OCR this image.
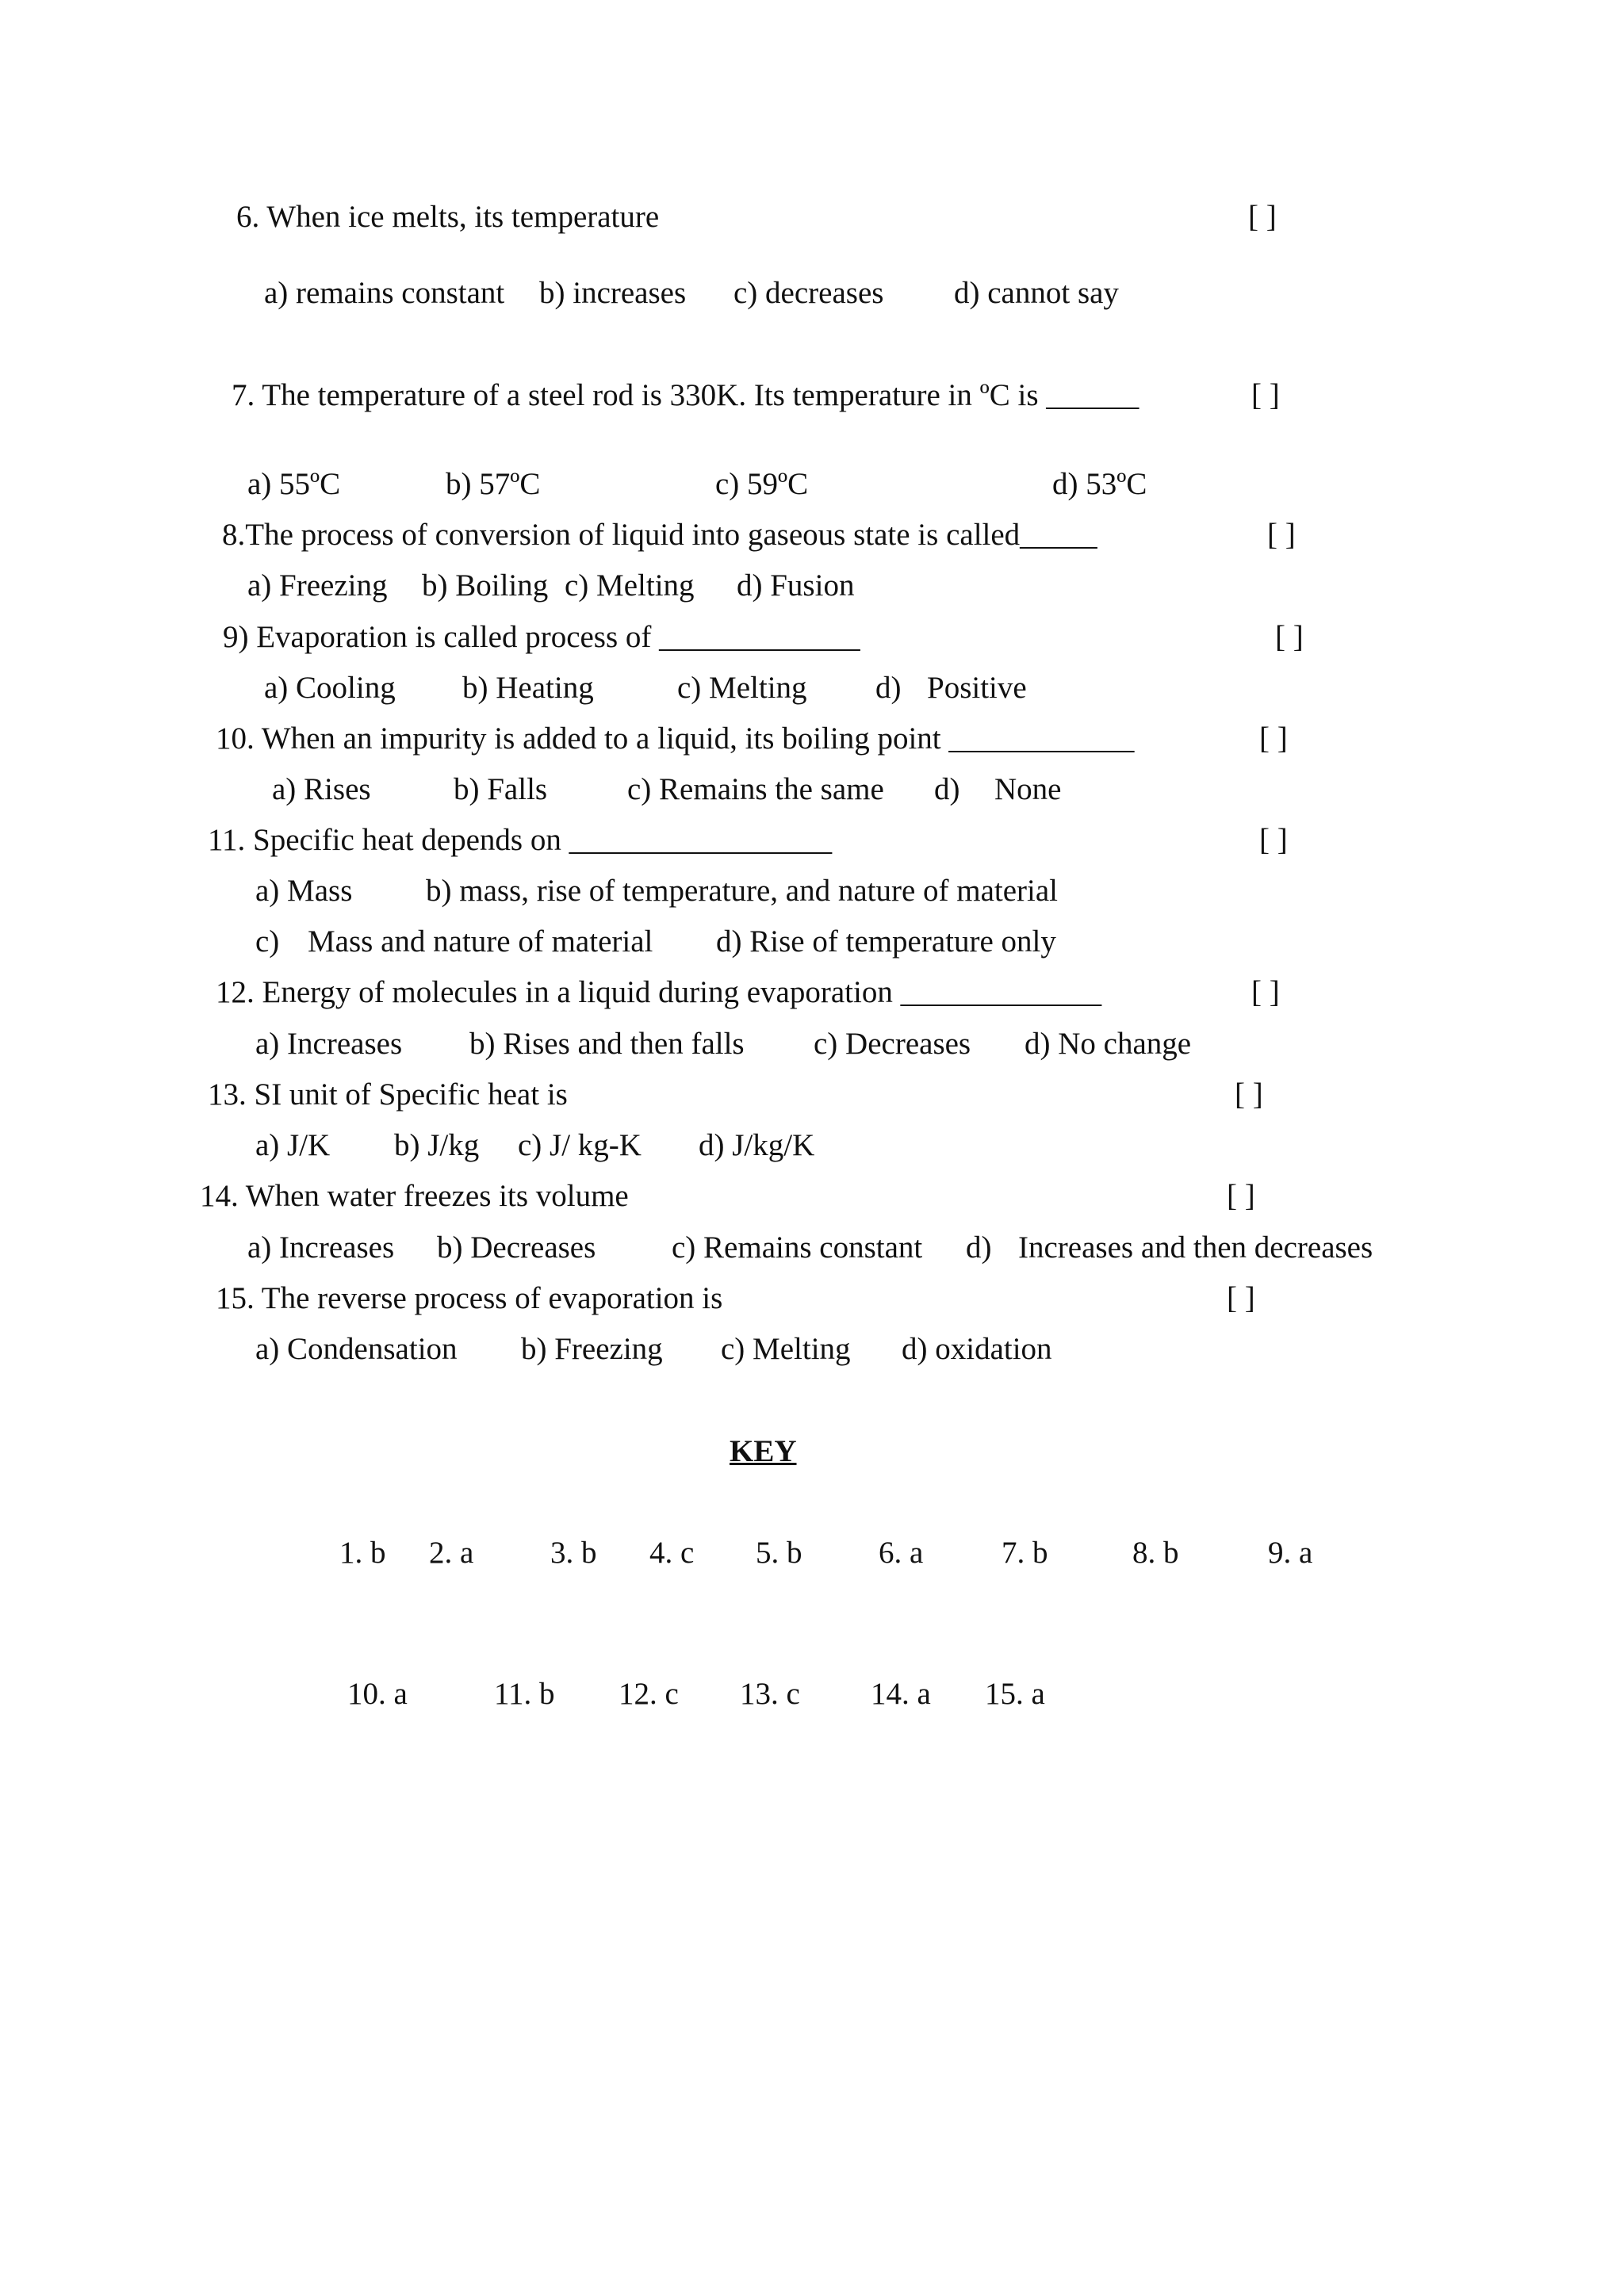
6. When ice melts, its temperature	[ ]
a) remains constant b) increases c) decreases d) cannot say
7. The temperature of a steel rod is 330K. Its temperature in ºC is ______	[ ]
a) 55ºC	b) 57ºC	c) 59ºC	d) 53ºC
8.The process of conversion of liquid into gaseous state is called_____	[ ]
a) Freezing b) Boiling c) Melting d) Fusion
9) Evaporation is called process of _____________	[ ]
a) Cooling b) Heating	c) Melting d) Positive
10. When an impurity is added to a liquid, its boiling point ____________	[ ]
a) Rises	b) Falls	c) Remains the same d) None
11. Specific heat depends on _________________	[ ]
a) Mass b) mass, rise of temperature, and nature of material
c) Mass and nature of material d) Rise of temperature only
12. Energy of molecules in a liquid during evaporation _____________	[ ]
a) Increases b) Rises and then falls c) Decreases d) No change
13. SI unit of Specific heat is	[ ]
a) J/K b) J/kg c) J/ kg-K d) J/kg/K
14. When water freezes its volume	[ ]
a) Increases b) Decreases c) Remains constant d) Increases and then decreases
15. The reverse process of evaporation is	[ ]
a) Condensation b) Freezing c) Melting d) oxidation
KEY
1. b 2. a 3. b 4. c 5. b 6. a	7. b	8. b	9. a
10. a	11. b 12. c 13. c 14. a 15. a
